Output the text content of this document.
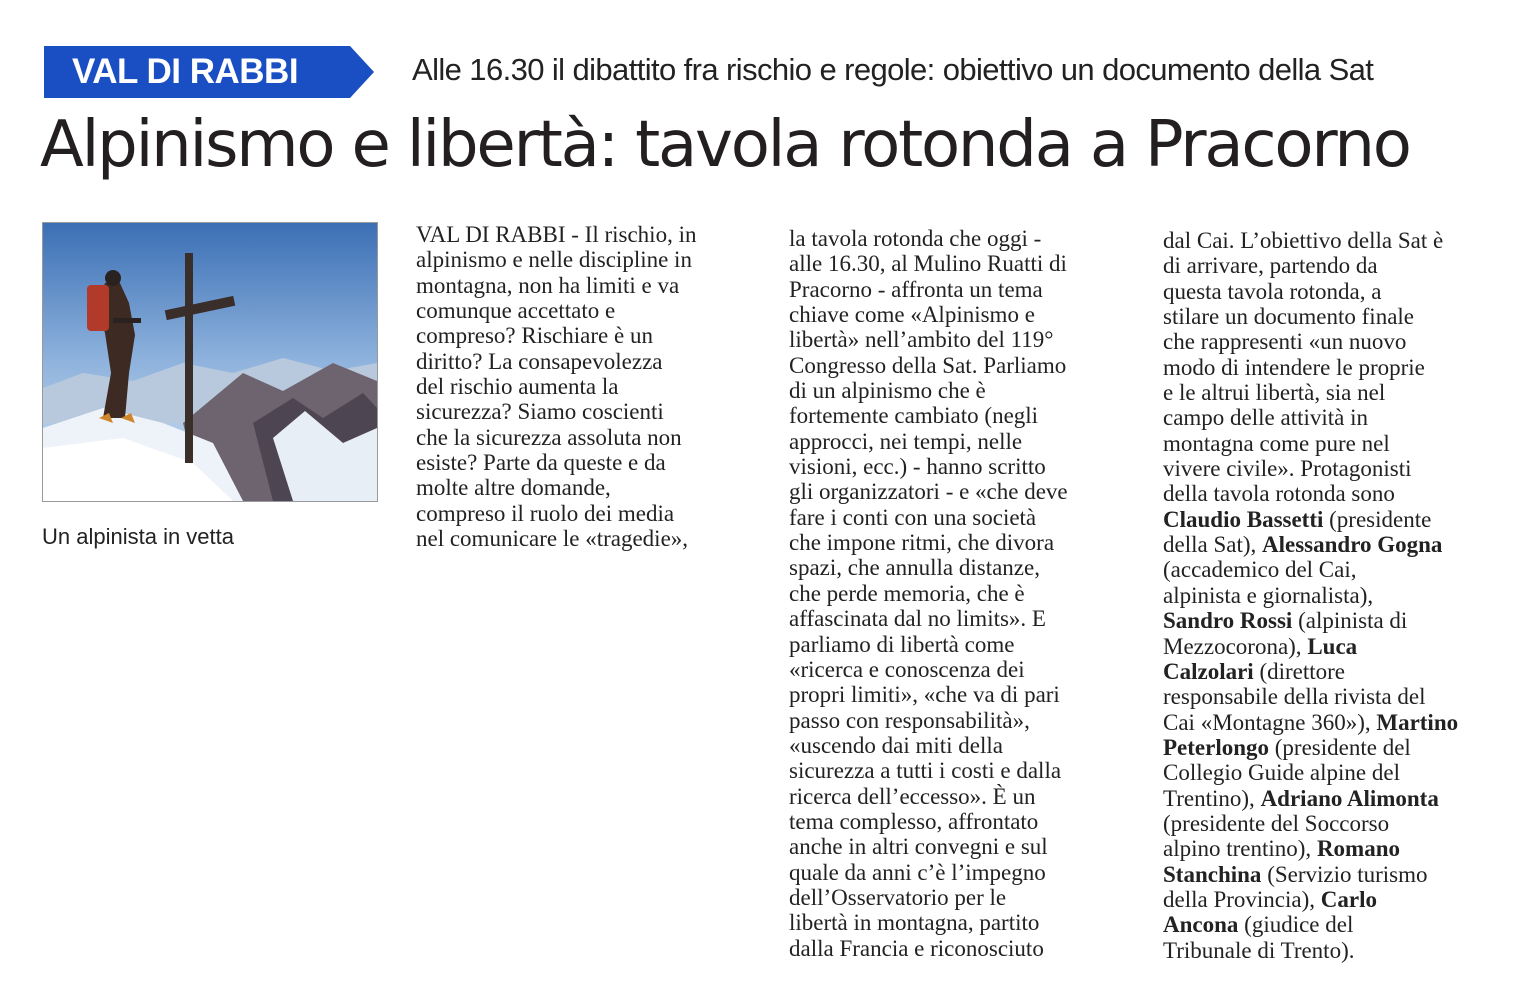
VAL DI RABBI	Alle 16.30 il dibattito fra rischio e regole: obiettivo un documento della Sat
Alpinismo e libertà: tavola rotonda a Pracorno
Un alpinista in vetta
VAL DI RABBI - Il rischio, in
alpinismo e nelle discipline in
montagna, non ha limiti e va
comunque accettato e
compreso? Rischiare è un
diritto? La consapevolezza
del rischio aumenta la
sicurezza? Siamo coscienti
che la sicurezza assoluta non
esiste? Parte da queste e da
molte altre domande,
compreso il ruolo dei media
nel comunicare le «tragedie»,
la tavola rotonda che oggi -
alle 16.30, al Mulino Ruatti di
Pracorno - affronta un tema
chiave come «Alpinismo e
libertà» nell’ambito del 119°
Congresso della Sat. Parliamo
di un alpinismo che è
fortemente cambiato (negli
approcci, nei tempi, nelle
visioni, ecc.) - hanno scritto
gli organizzatori - e «che deve
fare i conti con una società
che impone ritmi, che divora
spazi, che annulla distanze,
che perde memoria, che è
affascinata dal no limits». E
parliamo di libertà come
«ricerca e conoscenza dei
propri limiti», «che va di pari
passo con responsabilità»,
«uscendo dai miti della
sicurezza a tutti i costi e dalla
ricerca dell’eccesso». È un
tema complesso, affrontato
anche in altri convegni e sul
quale da anni c’è l’impegno
dell’Osservatorio per le
libertà in montagna, partito
dalla Francia e riconosciuto
dal Cai. L’obiettivo della Sat è
di arrivare, partendo da
questa tavola rotonda, a
stilare un documento finale
che rappresenti «un nuovo
modo di intendere le proprie
e le altrui libertà, sia nel
campo delle attività in
montagna come pure nel
vivere civile». Protagonisti
della tavola rotonda sono
Claudio Bassetti (presidente
della Sat), Alessandro Gogna
(accademico del Cai,
alpinista e giornalista),
Sandro Rossi (alpinista di
Mezzocorona), Luca
Calzolari (direttore
responsabile della rivista del
Cai «Montagne 360»), Martino
Peterlongo (presidente del
Collegio Guide alpine del
Trentino), Adriano Alimonta
(presidente del Soccorso
alpino trentino), Romano
Stanchina (Servizio turismo
della Provincia), Carlo
Ancona (giudice del
Tribunale di Trento).
